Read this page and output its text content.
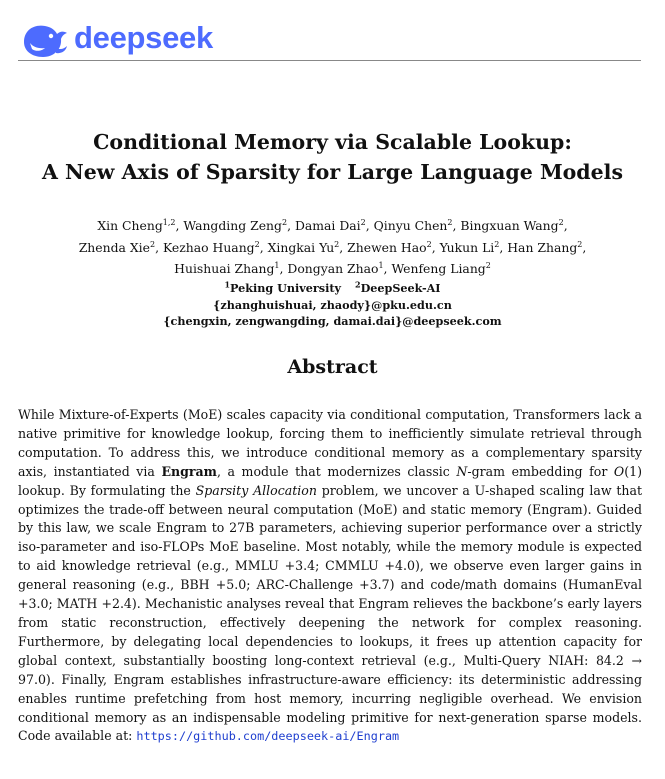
deepseek
Conditional Memory via Scalable Lookup:
A New Axis of Sparsity for Large Language Models
Xin Cheng$^{1,2}$, Wangding Zeng$^2$, Damai Dai$^2$, Qinyu Chen$^2$, Bingxuan Wang$^2$,
Zhenda Xie$^2$, Kezhao Huang$^2$, Xingkai Yu$^2$, Zhewen Hao$^2$, Yukun Li$^2$, Han Zhang$^2$,
Huishuai Zhang$^1$, Dongyan Zhao$^1$, Wenfeng Liang$^2$
$^1$Peking University $^2$DeepSeek-AI
{zhanghuishuai, zhaody}@pku.edu.cn
{chengxin, zengwangding, damai.dai}@deepseek.com
Abstract
While Mixture-of-Experts (MoE) scales capacity via conditional computation, Transformers lack a native primitive for knowledge lookup, forcing them to inefficiently simulate retrieval through computation. To address this, we introduce conditional memory as a complementary sparsity axis, instantiated via Engram, a module that modernizes classic N-gram embedding for O(1) lookup. By formulating the Sparsity Allocation problem, we uncover a U-shaped scaling law that optimizes the trade-off between neural computation (MoE) and static memory (Engram). Guided by this law, we scale Engram to 27B parameters, achieving superior performance over a strictly iso-parameter and iso-FLOPs MoE baseline. Most notably, while the memory module is expected to aid knowledge retrieval (e.g., MMLU +3.4; CMMLU +4.0), we observe even larger gains in general reasoning (e.g., BBH +5.0; ARC-Challenge +3.7) and code/math domains (HumanEval +3.0; MATH +2.4). Mechanistic analyses reveal that Engram relieves the backbone’s early layers from static reconstruction, effectively deepening the network for complex reasoning. Furthermore, by delegating local dependencies to lookups, it frees up attention capacity for global context, substantially boosting long-context retrieval (e.g., Multi-Query NIAH: 84.2 → 97.0). Finally, Engram establishes infrastructure-aware efficiency: its deterministic addressing enables runtime prefetching from host memory, incurring negligible overhead. We envision conditional memory as an indispensable modeling primitive for next-generation sparse models. Code available at: https://github.com/deepseek-ai/Engram
